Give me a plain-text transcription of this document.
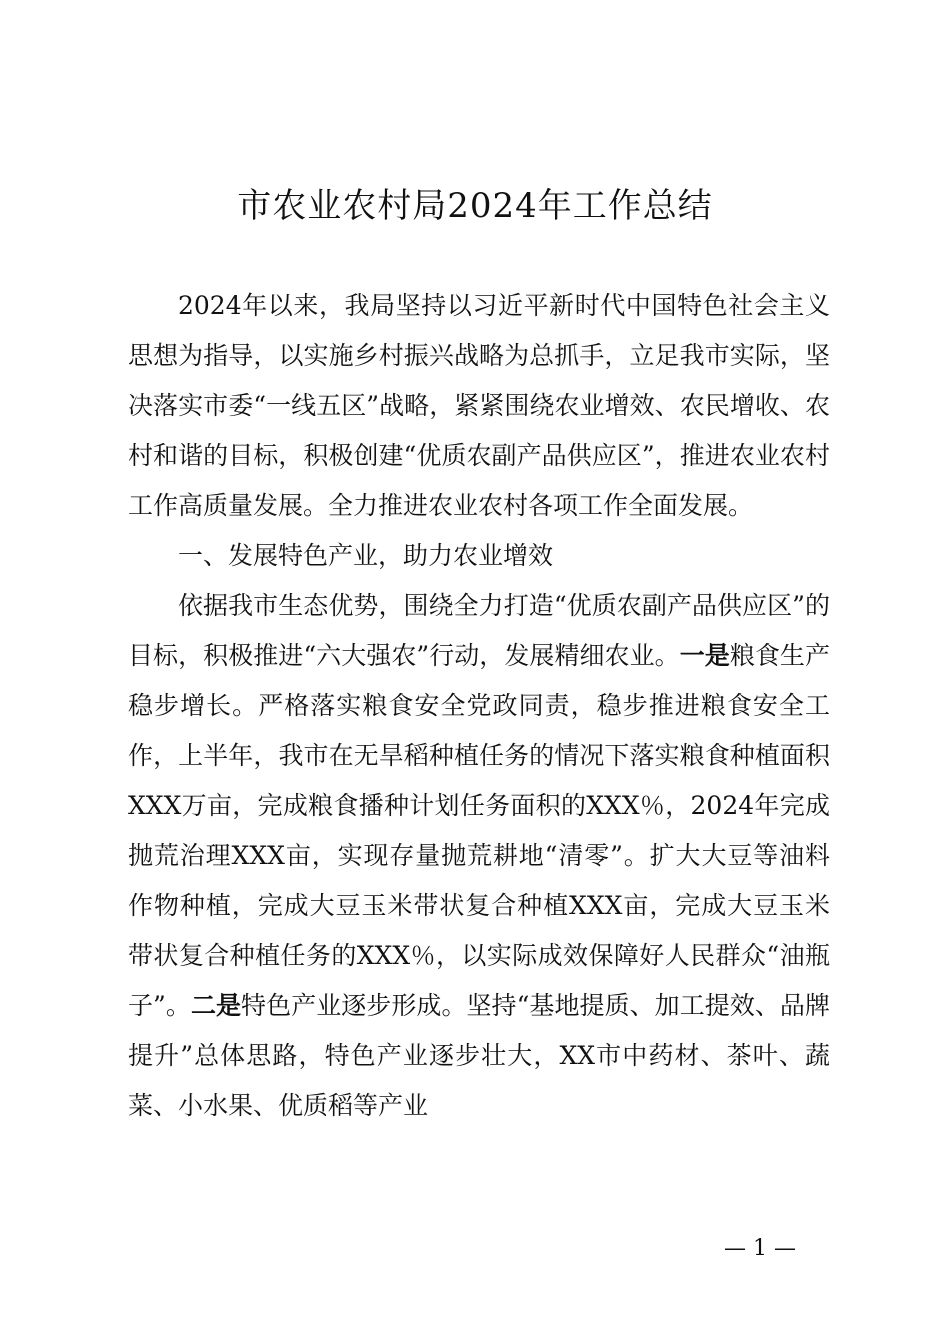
市农业农村局2024年工作总结

2024年以来，我局坚持以习近平新时代中国特色社会主义思想为指导，以实施乡村振兴战略为总抓手，立足我市实际，坚决落实市委“一线五区”战略，紧紧围绕农业增效、农民增收、农村和谐的目标，积极创建“优质农副产品供应区”，推进农业农村工作高质量发展。全力推进农业农村各项工作全面发展。

一、发展特色产业，助力农业增效

依据我市生态优势，围绕全力打造“优质农副产品供应区”的目标，积极推进“六大强农”行动，发展精细农业。一是粮食生产稳步增长。严格落实粮食安全党政同责，稳步推进粮食安全工作，上半年，我市在无旱稻种植任务的情况下落实粮食种植面积XXX万亩，完成粮食播种计划任务面积的XXX％，2024年完成抛荒治理XXX亩，实现存量抛荒耕地“清零”。扩大大豆等油料作物种植，完成大豆玉米带状复合种植XXX亩，完成大豆玉米带状复合种植任务的XXX％，以实际成效保障好人民群众“油瓶子”。二是特色产业逐步形成。坚持“基地提质、加工提效、品牌提升”总体思路，特色产业逐步壮大，XX市中药材、茶叶、蔬菜、小水果、优质稻等产业

— 1 —
